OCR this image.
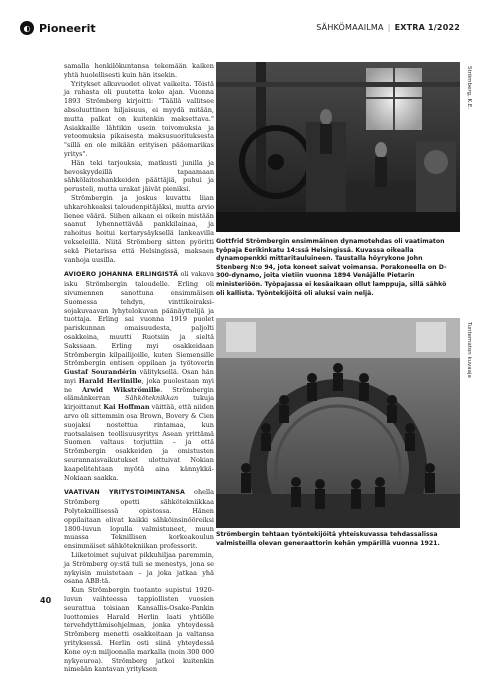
◐ Pioneerit	SÄHKÖMAAILMA | EXTRA 1/2022

samalla henkilökuntansa tekemään kaiken yhtä huolellisesti kuin hän itsekin.

Yritykset alkuvuodet olivat vaikeita. Töistä ja rahasta oli puutetta koko ajan. Vuonna 1893 Strömberg kirjoitti: "Täällä vallitsee absoluuttinen hiljaisuus, ei myydä mitään, mutta palkat on kuitenkin maksettava." Asiakkaille lähtikin usein toivomuksia ja vetoomuksia pikaisesta maksusuorituksesta "sillä en ole mikään erityisen pääomarikas yritys".

Hän teki tarjouksia, matkusti junilla ja hevoskyydeillä tapaamaan sähkölaitoshankkeiden päättäjiä, puhui ja perusteli, mutta urakat jäivät pieniksi.

Strömbergin ja joskus kuvattu liian uhkarohkeaksi taloudenpitäjäksi, mutta arvio lienee väärä. Siihen aikaan ei oikein mistään saanut lyhennettävää pankkilainaa, ja rahoitus hoitui kertarysäyksellä lankeavilla vekseleillä. Niitä Strömberg sitten pyöritti sekä Pietarissa että Helsingissä, maksaen vanhoja uusilla.

AVIOERO JOHANNA ERLINGISTÄ oli vakava isku Strömbergin taloudelle. Erling oli sivumennen sanottuna ensimmäisen Suomessa tehdyn, vinttikoiraksi-sojakuvaavan lyhytelokuvan päänäyttelijä ja tuottaja. Erling sai vuonna 1919 puolet pariskunnan omaisuudesta, paljolti osakkeina, muutti Ruotsiin ja sieltä Sakssaan. Erling myi osakkeidaan Strömbergin kilpailijoille, kuten Siemensille Strömbergin entisen oppilaan ja työtoverin Gustaf Sourandérin välityksellä. Osan hän myi Harald Herlinille, joka puolestaan myi ne Arwid Wikströmille. Strömbergin elämänkerran Sähköteknikkan tukuja kirjoittanut Kai Hoffman väittää, että niiden arvo oli sittemmin osa Brown, Bovery & Cien suojaksi nostettua rintamaa, kun ruotsalaisen teollisuusyritys Asean yrittämä Suomen valtaus torjuttiin – ja että Strömbergin osakkeiden ja omistusten seurannaisvaikutukset ulottuivat Nokian kaapelitehtaan myötä aina kännykkä-Nokiaan saakka.

VAATIVAN YRITYSTOIMINTANSA ohella Strömberg opetti sähkötekniikkaa Polyteknillisessä opistossa. Hänen oppilaitaan olivat kaikki sähköinsinööreiksi 1800-luvun lopulla valmistuneet, muun muassa Teknillisen korkeakoulun ensimmäiset sähkötekniikan professorit.

Liiketoimet sujuivat pikkuhiljaa paremmin, ja Strömberg oy:stä tuli se menestys, jona se nykyisin muistetaan – ja joka jatkaa yhä osana ABB:tä.

Kun Strömbergin tuotanto supistui 1920-luvun vaihteessa tappiollisten vuosien seurattua toisiaan Kansallis-Osake-Pankin luottomies Harald Herlin laati yhtiölle tervehdyttämisohjelman, jonka yhteydessä Strömberg menetti osakkeitaan ja valtansa yrityksessä. Herlin osti siinä yhteydessä Kone oy:n miljoonalla markalla (noin 300 000 nykyeuroa). Strömberg jatkoi kuitenkin nimeään kantavan yrityksen

Strömberg, K.E.
Gottfrid Strömbergin ensimmäinen dynamotehdas oli vaatimaton työpaja Eerikinkatu 14:ssä Helsingissä. Kuvassa oikealla dynamopenkki mittaritauluineen. Taustalla höyrykone John Stenberg N:o 94, jota koneet saivat voimansa. Porakoneella on D-300-dynamo, joita vietiin vuonna 1894 Venäjälle Pietarin ministeriöön. Työpajassa ei kesäaikaan ollut lamppuja, sillä sähkö oli kallista. Työntekijöitä oli aluksi vain neljä.
Tuntematon kuvaaja
Strömbergin tehtaan työntekijöitä yhteiskuvassa tehdassalissa valmisteilla olevan generaattorin kehän ympärillä vuonna 1921.
40
